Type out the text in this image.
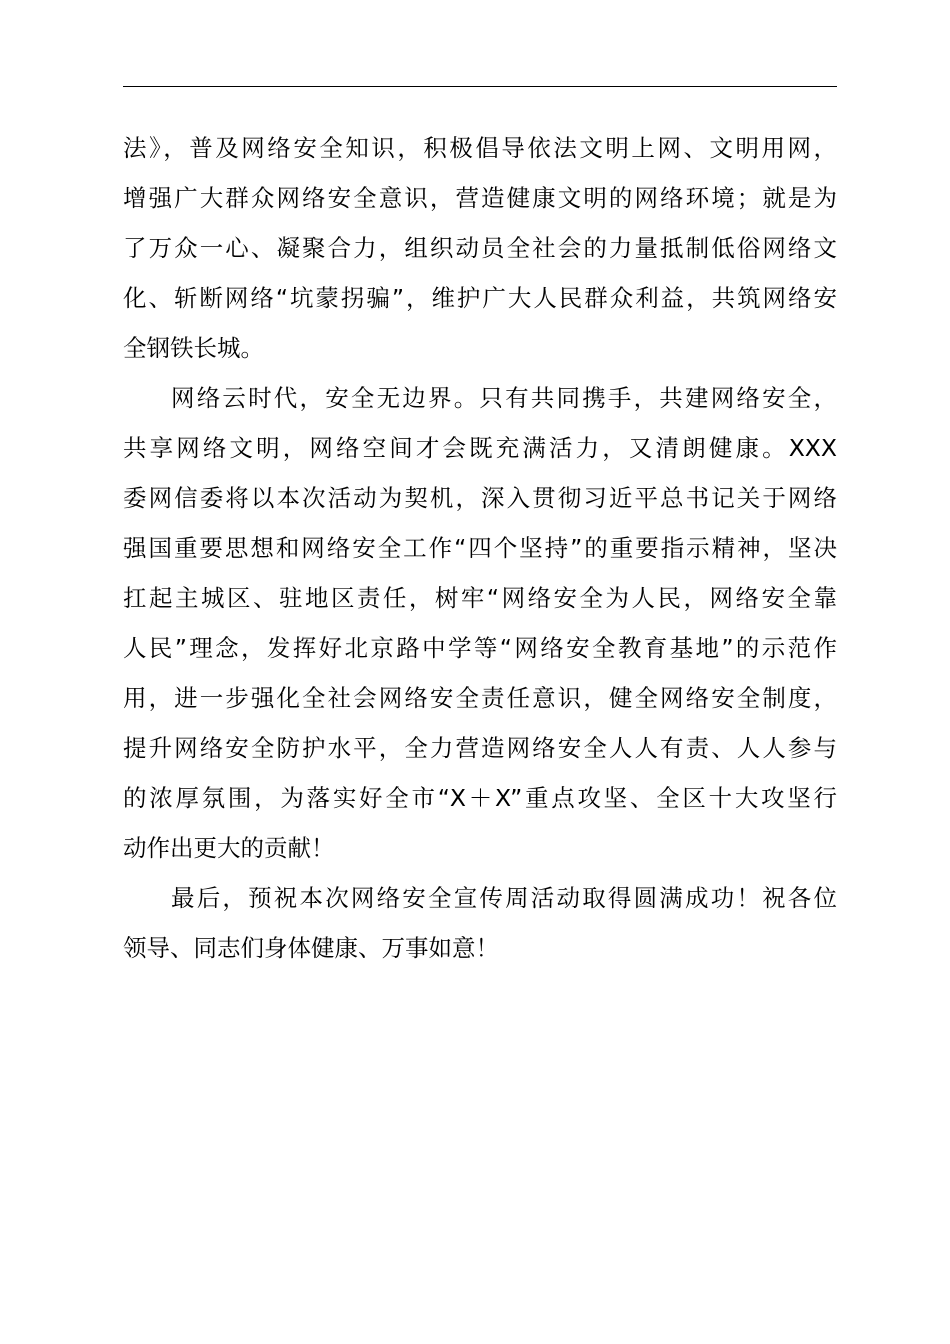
法》，普及网络安全知识，积极倡导依法文明上网、文明用网，
增强广大群众网络安全意识，营造健康文明的网络环境；就是为
了万众一心、凝聚合力，组织动员全社会的力量抵制低俗网络文
化、斩断网络“坑蒙拐骗”，维护广大人民群众利益，共筑网络安
全钢铁长城。
网络云时代，安全无边界。只有共同携手，共建网络安全，
共享网络文明，网络空间才会既充满活力，又清朗健康。XXX
委网信委将以本次活动为契机，深入贯彻习近平总书记关于网络
强国重要思想和网络安全工作“四个坚持”的重要指示精神，坚决
扛起主城区、驻地区责任，树牢“网络安全为人民，网络安全靠
人民”理念，发挥好北京路中学等“网络安全教育基地”的示范作
用，进一步强化全社会网络安全责任意识，健全网络安全制度，
提升网络安全防护水平，全力营造网络安全人人有责、人人参与
的浓厚氛围，为落实好全市“X＋X”重点攻坚、全区十大攻坚行
动作出更大的贡献！
最后，预祝本次网络安全宣传周活动取得圆满成功！祝各位
领导、同志们身体健康、万事如意！
